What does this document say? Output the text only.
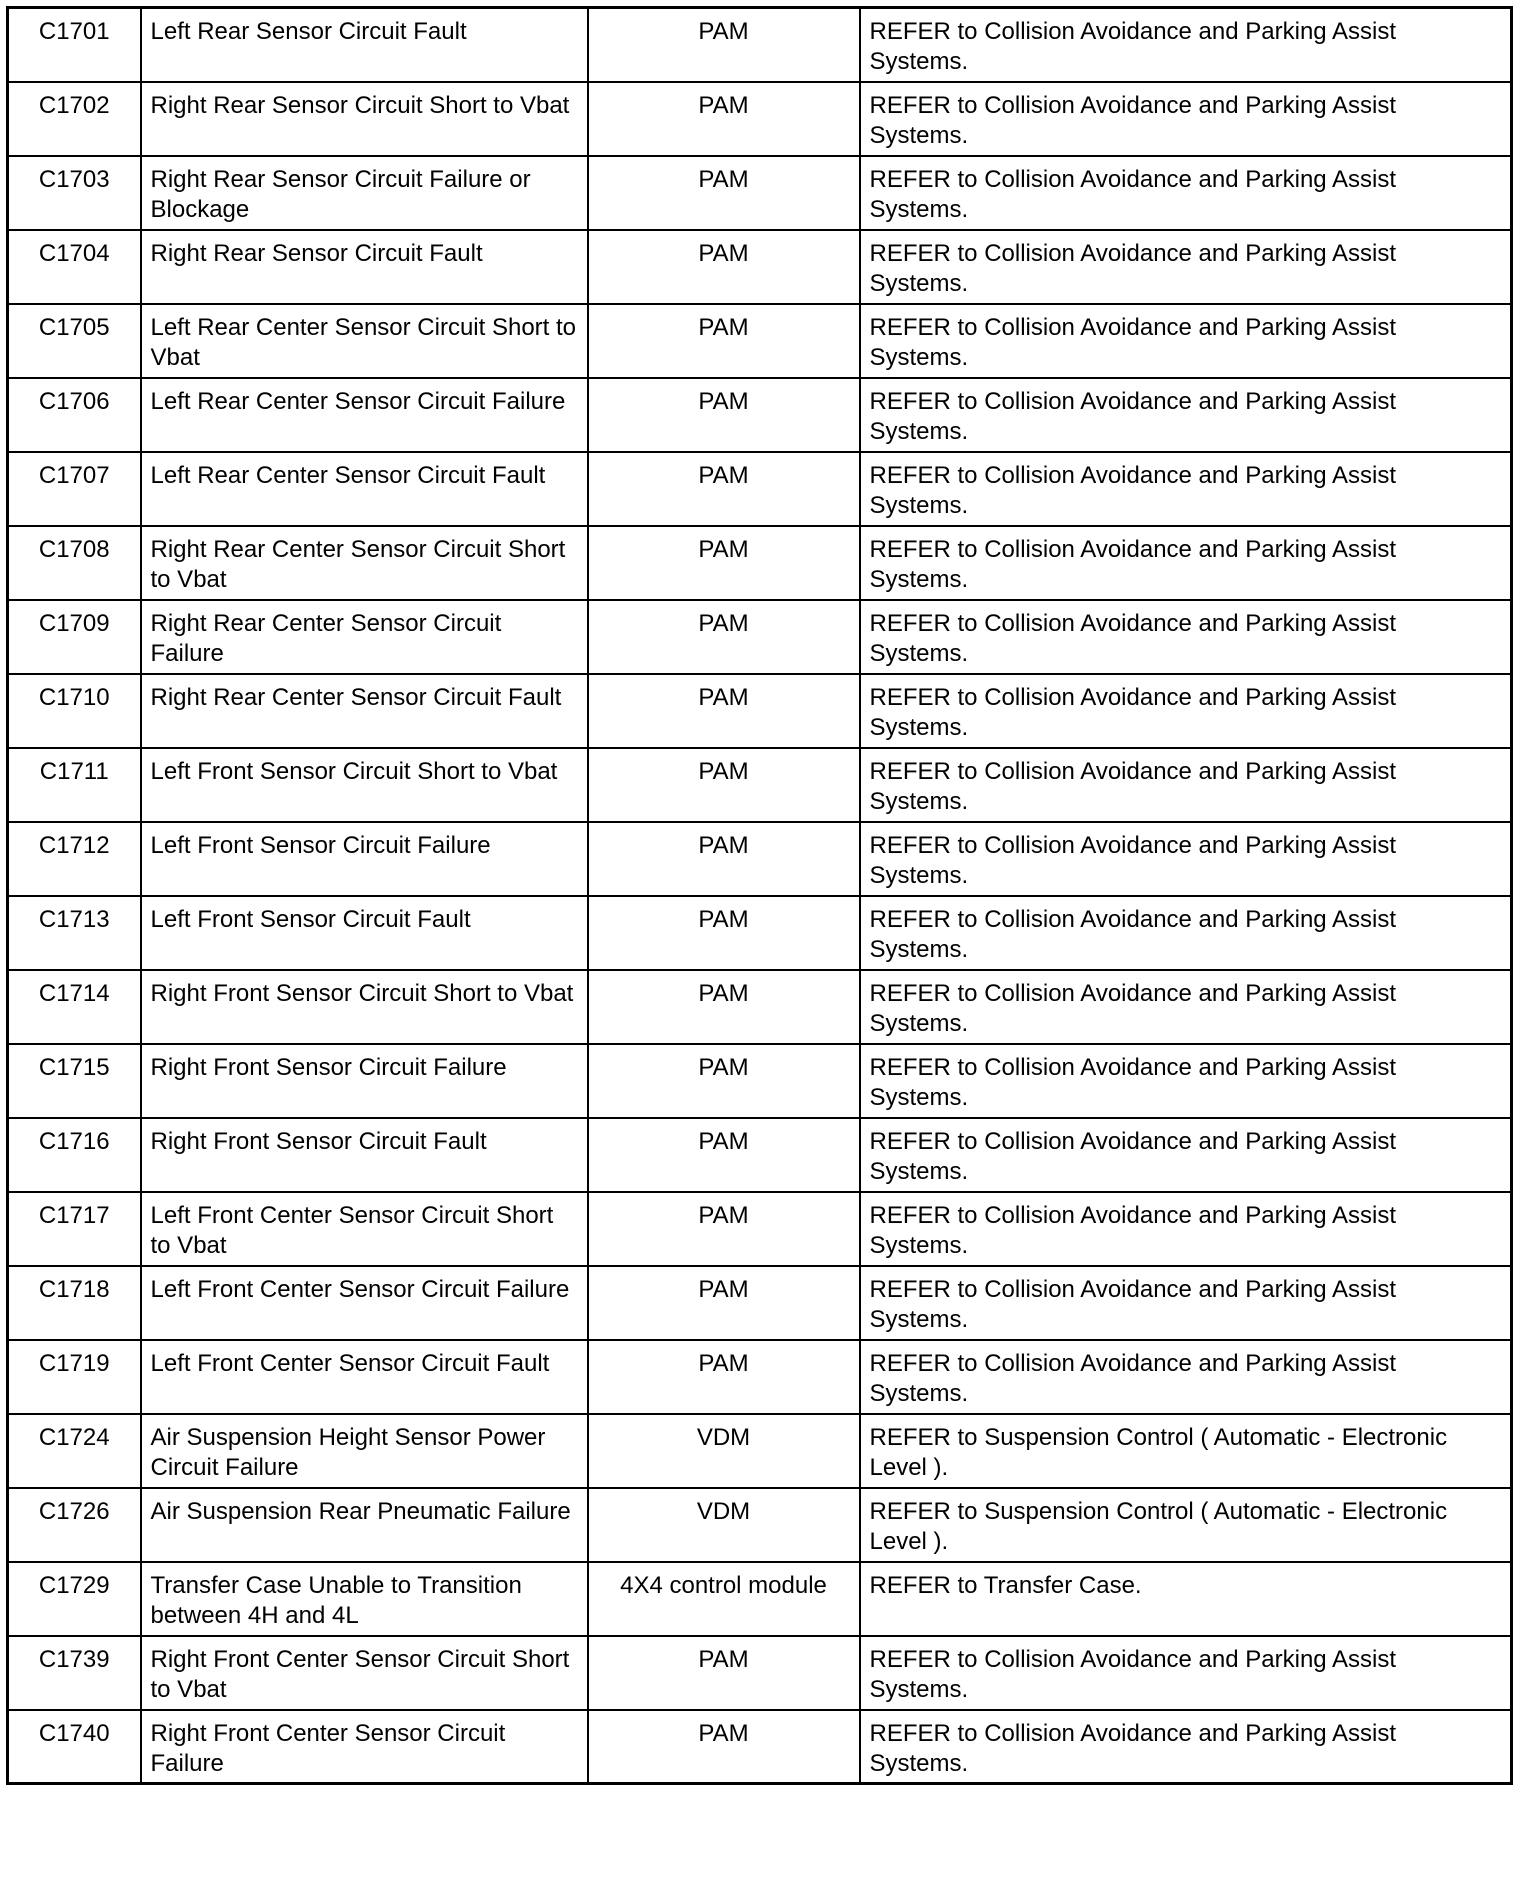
C1701	Left Rear Sensor Circuit Fault	PAM	REFER to Collision Avoidance and Parking Assist Systems.
C1702	Right Rear Sensor Circuit Short to Vbat	PAM	REFER to Collision Avoidance and Parking Assist Systems.
C1703	Right Rear Sensor Circuit Failure or Blockage	PAM	REFER to Collision Avoidance and Parking Assist Systems.
C1704	Right Rear Sensor Circuit Fault	PAM	REFER to Collision Avoidance and Parking Assist Systems.
C1705	Left Rear Center Sensor Circuit Short to Vbat	PAM	REFER to Collision Avoidance and Parking Assist Systems.
C1706	Left Rear Center Sensor Circuit Failure	PAM	REFER to Collision Avoidance and Parking Assist Systems.
C1707	Left Rear Center Sensor Circuit Fault	PAM	REFER to Collision Avoidance and Parking Assist Systems.
C1708	Right Rear Center Sensor Circuit Short to Vbat	PAM	REFER to Collision Avoidance and Parking Assist Systems.
C1709	Right Rear Center Sensor Circuit Failure	PAM	REFER to Collision Avoidance and Parking Assist Systems.
C1710	Right Rear Center Sensor Circuit Fault	PAM	REFER to Collision Avoidance and Parking Assist Systems.
C1711	Left Front Sensor Circuit Short to Vbat	PAM	REFER to Collision Avoidance and Parking Assist Systems.
C1712	Left Front Sensor Circuit Failure	PAM	REFER to Collision Avoidance and Parking Assist Systems.
C1713	Left Front Sensor Circuit Fault	PAM	REFER to Collision Avoidance and Parking Assist Systems.
C1714	Right Front Sensor Circuit Short to Vbat	PAM	REFER to Collision Avoidance and Parking Assist Systems.
C1715	Right Front Sensor Circuit Failure	PAM	REFER to Collision Avoidance and Parking Assist Systems.
C1716	Right Front Sensor Circuit Fault	PAM	REFER to Collision Avoidance and Parking Assist Systems.
C1717	Left Front Center Sensor Circuit Short to Vbat	PAM	REFER to Collision Avoidance and Parking Assist Systems.
C1718	Left Front Center Sensor Circuit Failure	PAM	REFER to Collision Avoidance and Parking Assist Systems.
C1719	Left Front Center Sensor Circuit Fault	PAM	REFER to Collision Avoidance and Parking Assist Systems.
C1724	Air Suspension Height Sensor Power Circuit Failure	VDM	REFER to Suspension Control ( Automatic - Electronic Level ).
C1726	Air Suspension Rear Pneumatic Failure	VDM	REFER to Suspension Control ( Automatic - Electronic Level ).
C1729	Transfer Case Unable to Transition between 4H and 4L	4X4 control module	REFER to Transfer Case.
C1739	Right Front Center Sensor Circuit Short to Vbat	PAM	REFER to Collision Avoidance and Parking Assist Systems.
C1740	Right Front Center Sensor Circuit Failure	PAM	REFER to Collision Avoidance and Parking Assist Systems.
